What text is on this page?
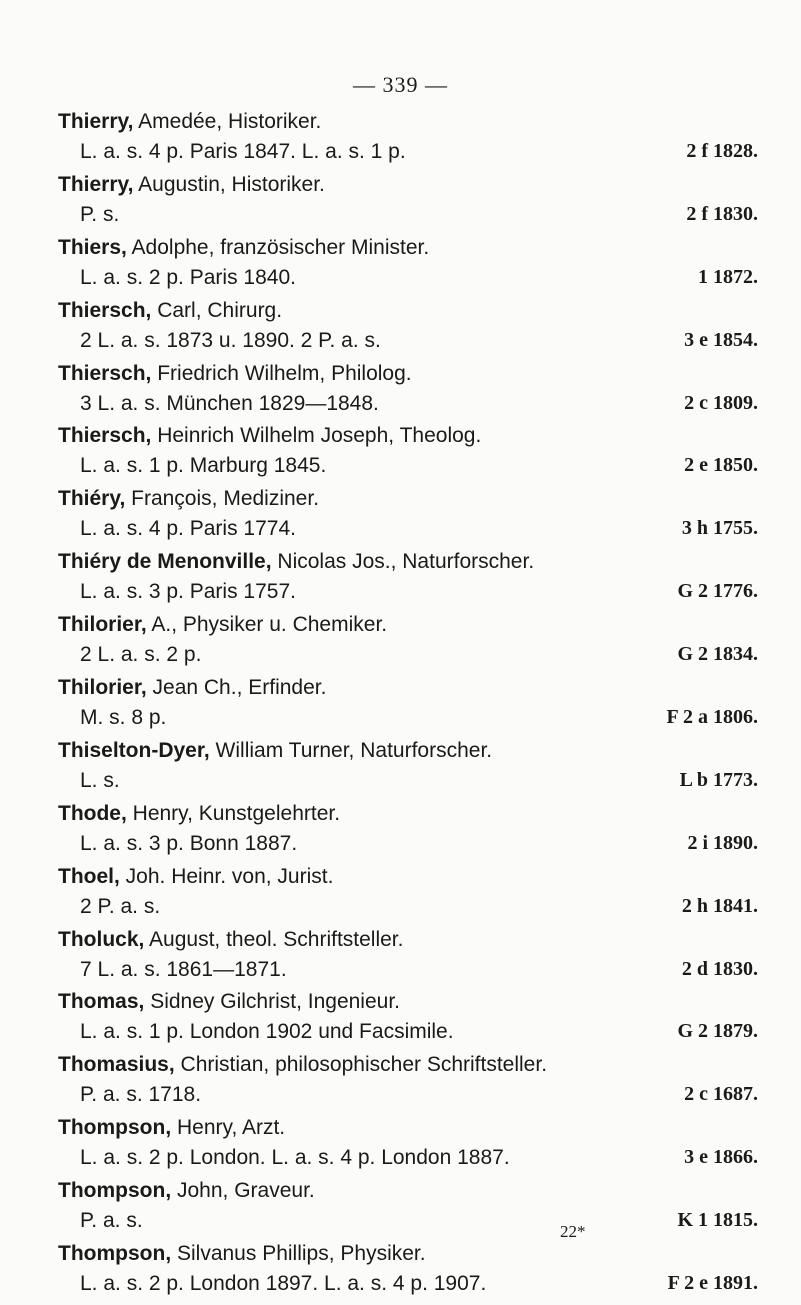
— 339 —
Thierry, Amedée, Historiker.
L. a. s. 4 p. Paris 1847. L. a. s. 1 p.	2 f 1828.
Thierry, Augustin, Historiker.
P. s.	2 f 1830.
Thiers, Adolphe, französischer Minister.
L. a. s. 2 p. Paris 1840.	1 1872.
Thiersch, Carl, Chirurg.
2 L. a. s. 1873 u. 1890. 2 P. a. s.	3 e 1854.
Thiersch, Friedrich Wilhelm, Philolog.
3 L. a. s. München 1829—1848.	2 c 1809.
Thiersch, Heinrich Wilhelm Joseph, Theolog.
L. a. s. 1 p. Marburg 1845.	2 e 1850.
Thiéry, François, Mediziner.
L. a. s. 4 p. Paris 1774.	3 h 1755.
Thiéry de Menonville, Nicolas Jos., Naturforscher.
L. a. s. 3 p. Paris 1757.	G 2 1776.
Thilorier, A., Physiker u. Chemiker.
2 L. a. s. 2 p.	G 2 1834.
Thilorier, Jean Ch., Erfinder.
M. s. 8 p.	F 2 a 1806.
Thiselton-Dyer, William Turner, Naturforscher.
L. s.	L b 1773.
Thode, Henry, Kunstgelehrter.
L. a. s. 3 p. Bonn 1887.	2 i 1890.
Thoel, Joh. Heinr. von, Jurist.
2 P. a. s.	2 h 1841.
Tholuck, August, theol. Schriftsteller.
7 L. a. s. 1861—1871.	2 d 1830.
Thomas, Sidney Gilchrist, Ingenieur.
L. a. s. 1 p. London 1902 und Facsimile.	G 2 1879.
Thomasius, Christian, philosophischer Schriftsteller.
P. a. s. 1718.	2 c 1687.
Thompson, Henry, Arzt.
L. a. s. 2 p. London. L. a. s. 4 p. London 1887.	3 e 1866.
Thompson, John, Graveur.
P. a. s.	K 1 1815.
Thompson, Silvanus Phillips, Physiker.
L. a. s. 2 p. London 1897. L. a. s. 4 p. 1907.	F 2 e 1891.
22*
